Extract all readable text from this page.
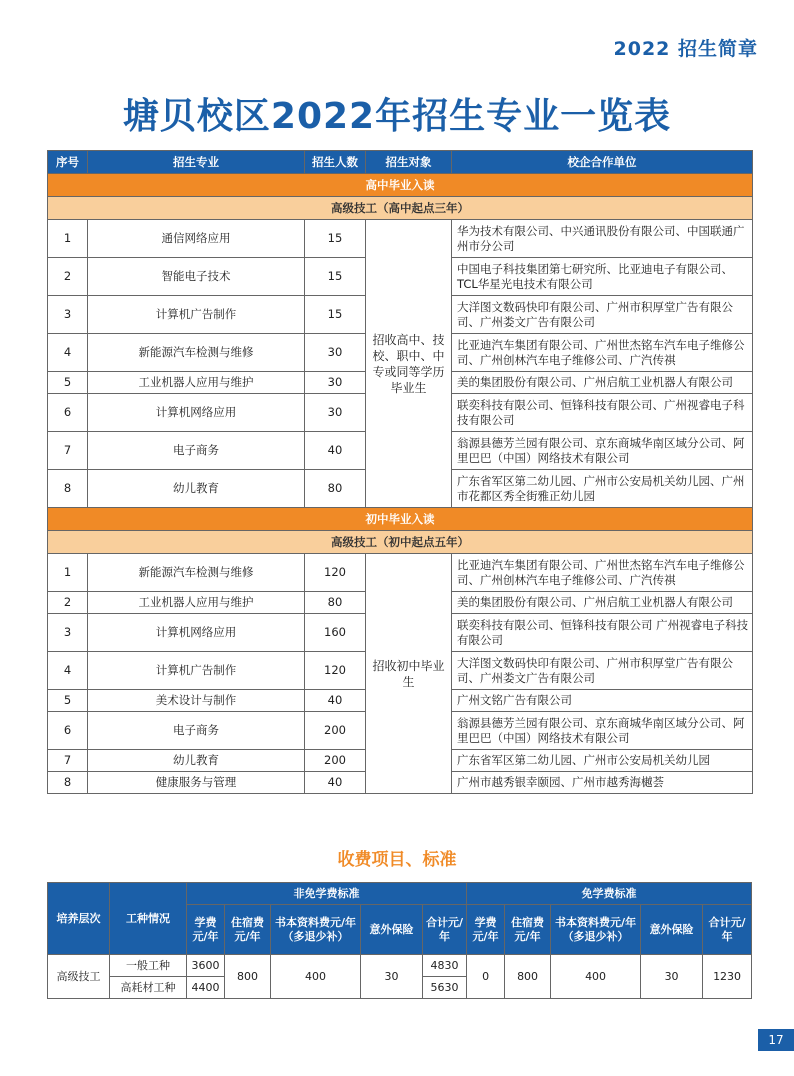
2022 招生简章
塘贝校区2022年招生专业一览表
序号	招生专业	招生人数	招生对象	校企合作单位
高中毕业入读				
高级技工（高中起点三年）				
1	通信网络应用	15	招收高中、技校、职中、中专或同等学历毕业生	华为技术有限公司、中兴通讯股份有限公司、中国联通广州市分公司
2	智能电子技术	15		中国电子科技集团第七研究所、比亚迪电子有限公司、TCL华星光电技术有限公司
3	计算机广告制作	15		大洋图文数码快印有限公司、广州市积厚堂广告有限公司、广州娄文广告有限公司
4	新能源汽车检测与维修	30		比亚迪汽车集团有限公司、广州世杰铭车汽车电子维修公司、广州创林汽车电子维修公司、广汽传祺
5	工业机器人应用与维护	30		美的集团股份有限公司、广州启航工业机器人有限公司
6	计算机网络应用	30		联奕科技有限公司、恒锋科技有限公司、广州视睿电子科技有限公司
7	电子商务	40		翁源县德芳兰园有限公司、京东商城华南区域分公司、阿里巴巴（中国）网络技术有限公司
8	幼儿教育	80		广东省军区第二幼儿园、广州市公安局机关幼儿园、广州市花都区秀全街雅正幼儿园
初中毕业入读				
高级技工（初中起点五年）				
1	新能源汽车检测与维修	120	招收初中毕业生	比亚迪汽车集团有限公司、广州世杰铭车汽车电子维修公司、广州创林汽车电子维修公司、广汽传祺
2	工业机器人应用与维护	80		美的集团股份有限公司、广州启航工业机器人有限公司
3	计算机网络应用	160		联奕科技有限公司、恒锋科技有限公司 广州视睿电子科技有限公司
4	计算机广告制作	120		大洋图文数码快印有限公司、广州市积厚堂广告有限公司、广州娄文广告有限公司
5	美术设计与制作	40		广州文铭广告有限公司
6	电子商务	200		翁源县德芳兰园有限公司、京东商城华南区域分公司、阿里巴巴（中国）网络技术有限公司
7	幼儿教育	200		广东省军区第二幼儿园、广州市公安局机关幼儿园
8	健康服务与管理	40		广州市越秀银幸颐园、广州市越秀海樾荟
收费项目、标准
培养层次	工种情况	非免学费标准					免学费标准				
		学费元/年	住宿费元/年	书本资料费元/年（多退少补）	意外保险	合计元/年	学费元/年	住宿费元/年	书本资料费元/年（多退少补）	意外保险	合计元/年
高级技工	一般工种	3600	800	400	30	4830	0	800	400	30	1230
	高耗材工种	4400				5630					
17
